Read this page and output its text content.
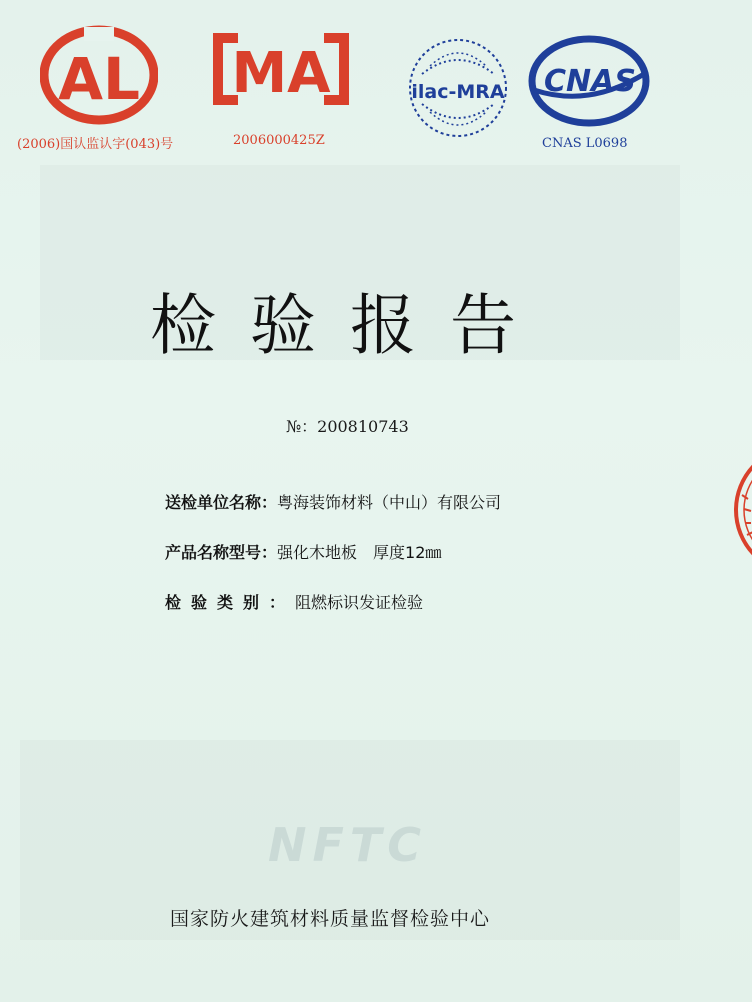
AL
(2006)国认监认字(043)号
MA
2006000425Z
ilac-MRA CNAS
CNAS L0698
检验报告
№：200810743
送检单位名称：粤海装饰材料（中山）有限公司
产品名称型号：强化木地板　厚度12㎜
检验类别：阻燃标识发证检验
NFTC
国家防火建筑材料质量监督检验中心
